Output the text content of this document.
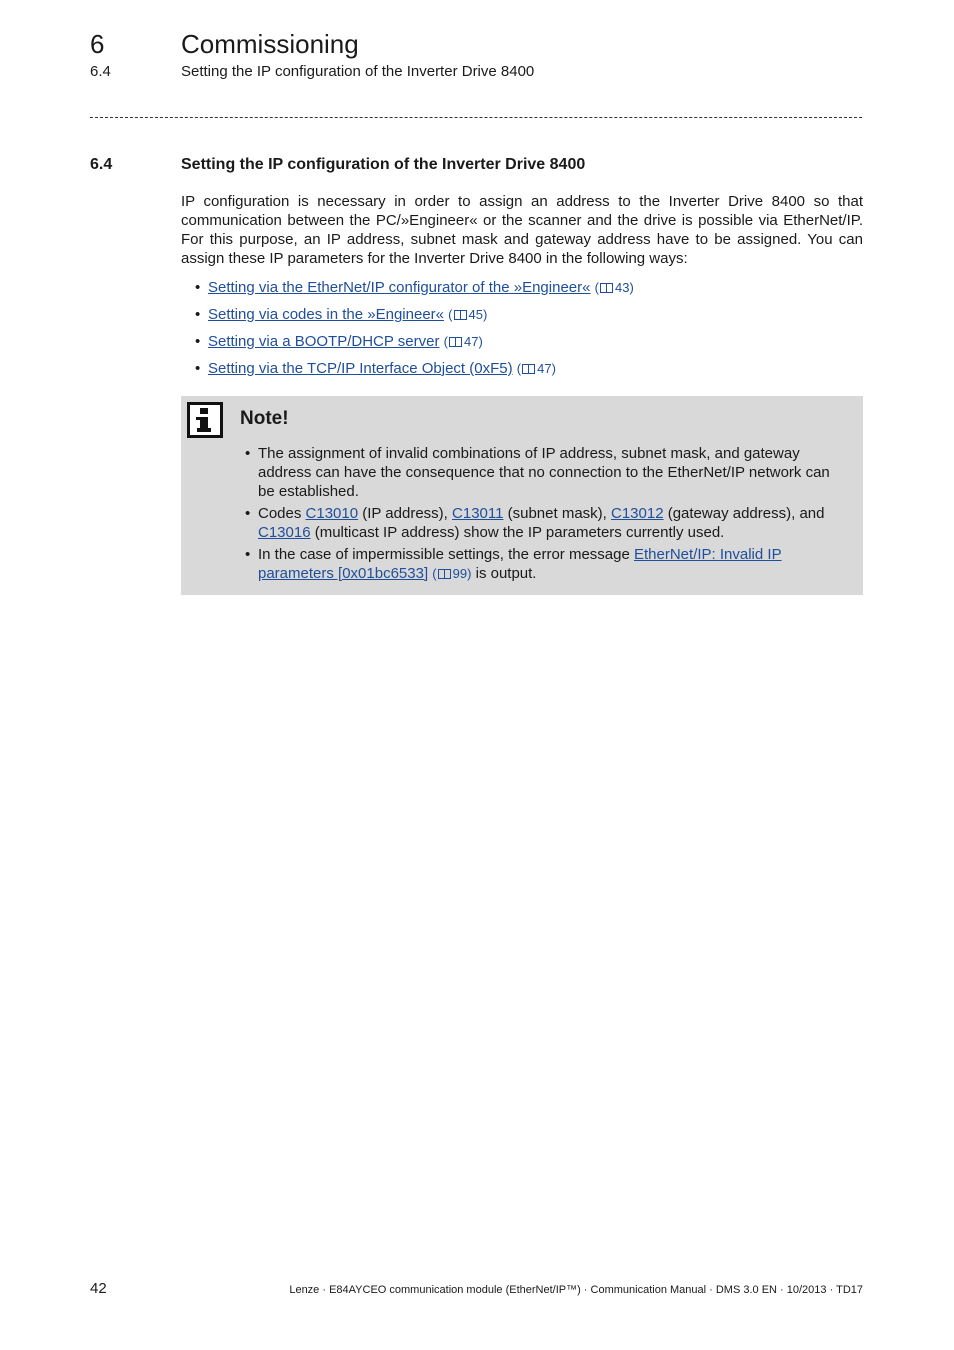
6	Commissioning
6.4	Setting the IP configuration of the Inverter Drive 8400
6.4	Setting the IP configuration of the Inverter Drive 8400

IP configuration is necessary in order to assign an address to the Inverter Drive 8400 so that communication between the PC/»Engineer« or the scanner and the drive is possible via EtherNet/IP. For this purpose, an IP address, subnet mask and gateway address have to be assigned. You can assign these IP parameters for the Inverter Drive 8400 in the following ways:

• Setting via the EtherNet/IP configurator of the »Engineer« ( 43)
• Setting via codes in the »Engineer« ( 45)
• Setting via a BOOTP/DHCP server ( 47)
• Setting via the TCP/IP Interface Object (0xF5) ( 47)
Note!
• The assignment of invalid combinations of IP address, subnet mask, and gateway address can have the consequence that no connection to the EtherNet/IP network can be established.
• Codes C13010 (IP address), C13011 (subnet mask), C13012 (gateway address), and C13016 (multicast IP address) show the IP parameters currently used.
• In the case of impermissible settings, the error message EtherNet/IP: Invalid IP parameters [0x01bc6533] ( 99) is output.
42	Lenze · E84AYCEO communication module (EtherNet/IP™) · Communication Manual · DMS 3.0 EN · 10/2013 · TD17
